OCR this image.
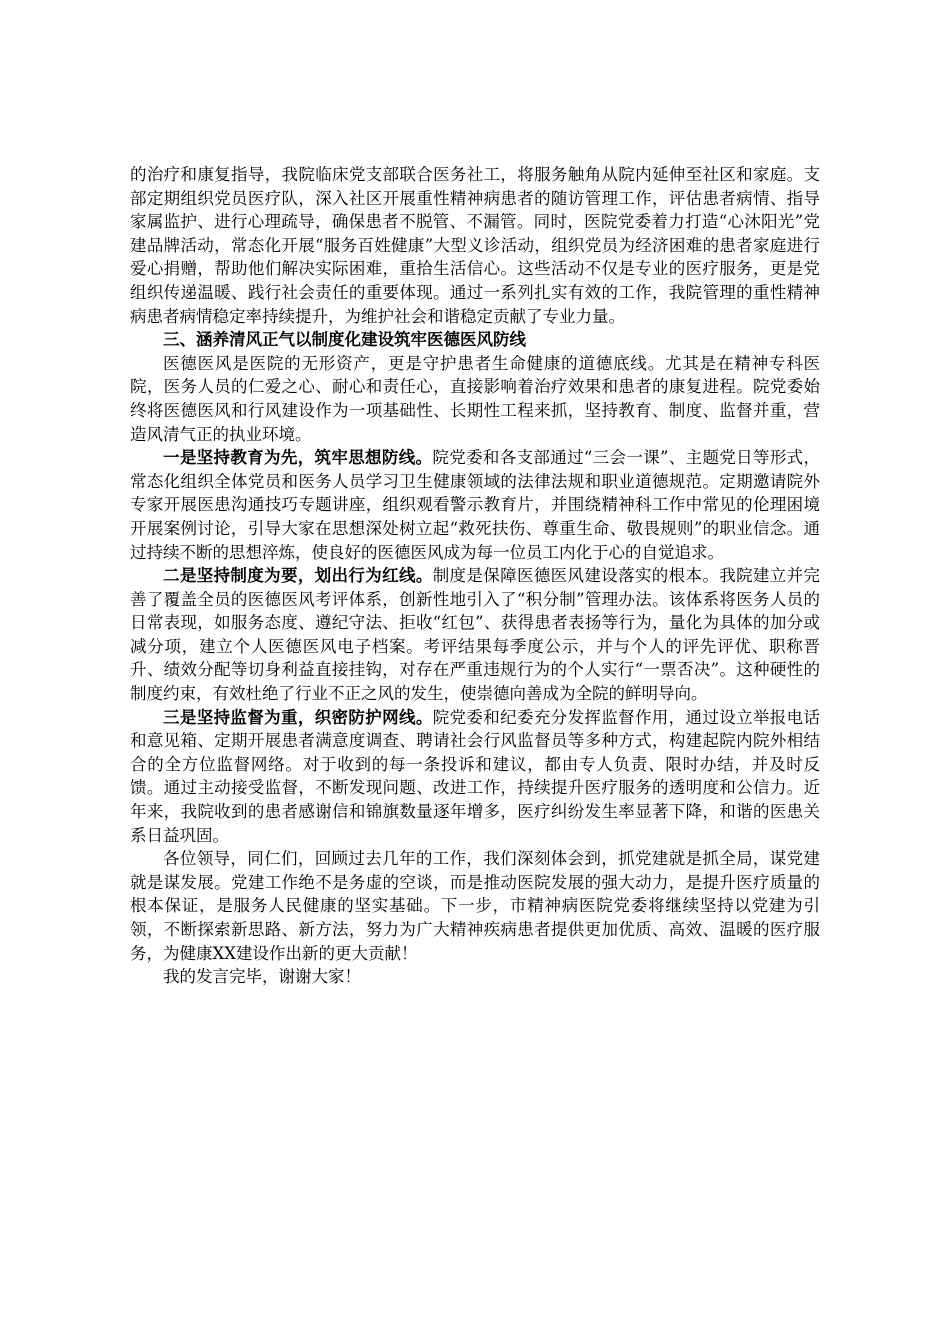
的治疗和康复指导，我院临床党支部联合医务社工，将服务触角从院内延伸至社区和家庭。支部定期组织党员医疗队，深入社区开展重性精神病患者的随访管理工作，评估患者病情、指导家属监护、进行心理疏导，确保患者不脱管、不漏管。同时，医院党委着力打造“心沐阳光”党建品牌活动，常态化开展“服务百姓健康”大型义诊活动，组织党员为经济困难的患者家庭进行爱心捐赠，帮助他们解决实际困难，重拾生活信心。这些活动不仅是专业的医疗服务，更是党组织传递温暖、践行社会责任的重要体现。通过一系列扎实有效的工作，我院管理的重性精神病患者病情稳定率持续提升，为维护社会和谐稳定贡献了专业力量。

三、涵养清风正气以制度化建设筑牢医德医风防线

医德医风是医院的无形资产，更是守护患者生命健康的道德底线。尤其是在精神专科医院，医务人员的仁爱之心、耐心和责任心，直接影响着治疗效果和患者的康复进程。院党委始终将医德医风和行风建设作为一项基础性、长期性工程来抓，坚持教育、制度、监督并重，营造风清气正的执业环境。

一是坚持教育为先，筑牢思想防线。院党委和各支部通过“三会一课”、主题党日等形式，常态化组织全体党员和医务人员学习卫生健康领域的法律法规和职业道德规范。定期邀请院外专家开展医患沟通技巧专题讲座，组织观看警示教育片，并围绕精神科工作中常见的伦理困境开展案例讨论，引导大家在思想深处树立起“救死扶伤、尊重生命、敬畏规则”的职业信念。通过持续不断的思想淬炼，使良好的医德医风成为每一位员工内化于心的自觉追求。

二是坚持制度为要，划出行为红线。制度是保障医德医风建设落实的根本。我院建立并完善了覆盖全员的医德医风考评体系，创新性地引入了“积分制”管理办法。该体系将医务人员的日常表现，如服务态度、遵纪守法、拒收“红包”、获得患者表扬等行为，量化为具体的加分或减分项，建立个人医德医风电子档案。考评结果每季度公示，并与个人的评先评优、职称晋升、绩效分配等切身利益直接挂钩，对存在严重违规行为的个人实行“一票否决”。这种硬性的制度约束，有效杜绝了行业不正之风的发生，使崇德向善成为全院的鲜明导向。

三是坚持监督为重，织密防护网线。院党委和纪委充分发挥监督作用，通过设立举报电话和意见箱、定期开展患者满意度调查、聘请社会行风监督员等多种方式，构建起院内院外相结合的全方位监督网络。对于收到的每一条投诉和建议，都由专人负责、限时办结，并及时反馈。通过主动接受监督，不断发现问题、改进工作，持续提升医疗服务的透明度和公信力。近年来，我院收到的患者感谢信和锦旗数量逐年增多，医疗纠纷发生率显著下降，和谐的医患关系日益巩固。

各位领导，同仁们，回顾过去几年的工作，我们深刻体会到，抓党建就是抓全局，谋党建就是谋发展。党建工作绝不是务虚的空谈，而是推动医院发展的强大动力，是提升医疗质量的根本保证，是服务人民健康的坚实基础。下一步，市精神病医院党委将继续坚持以党建为引领，不断探索新思路、新方法，努力为广大精神疾病患者提供更加优质、高效、温暖的医疗服务，为健康XX建设作出新的更大贡献！

我的发言完毕，谢谢大家！
